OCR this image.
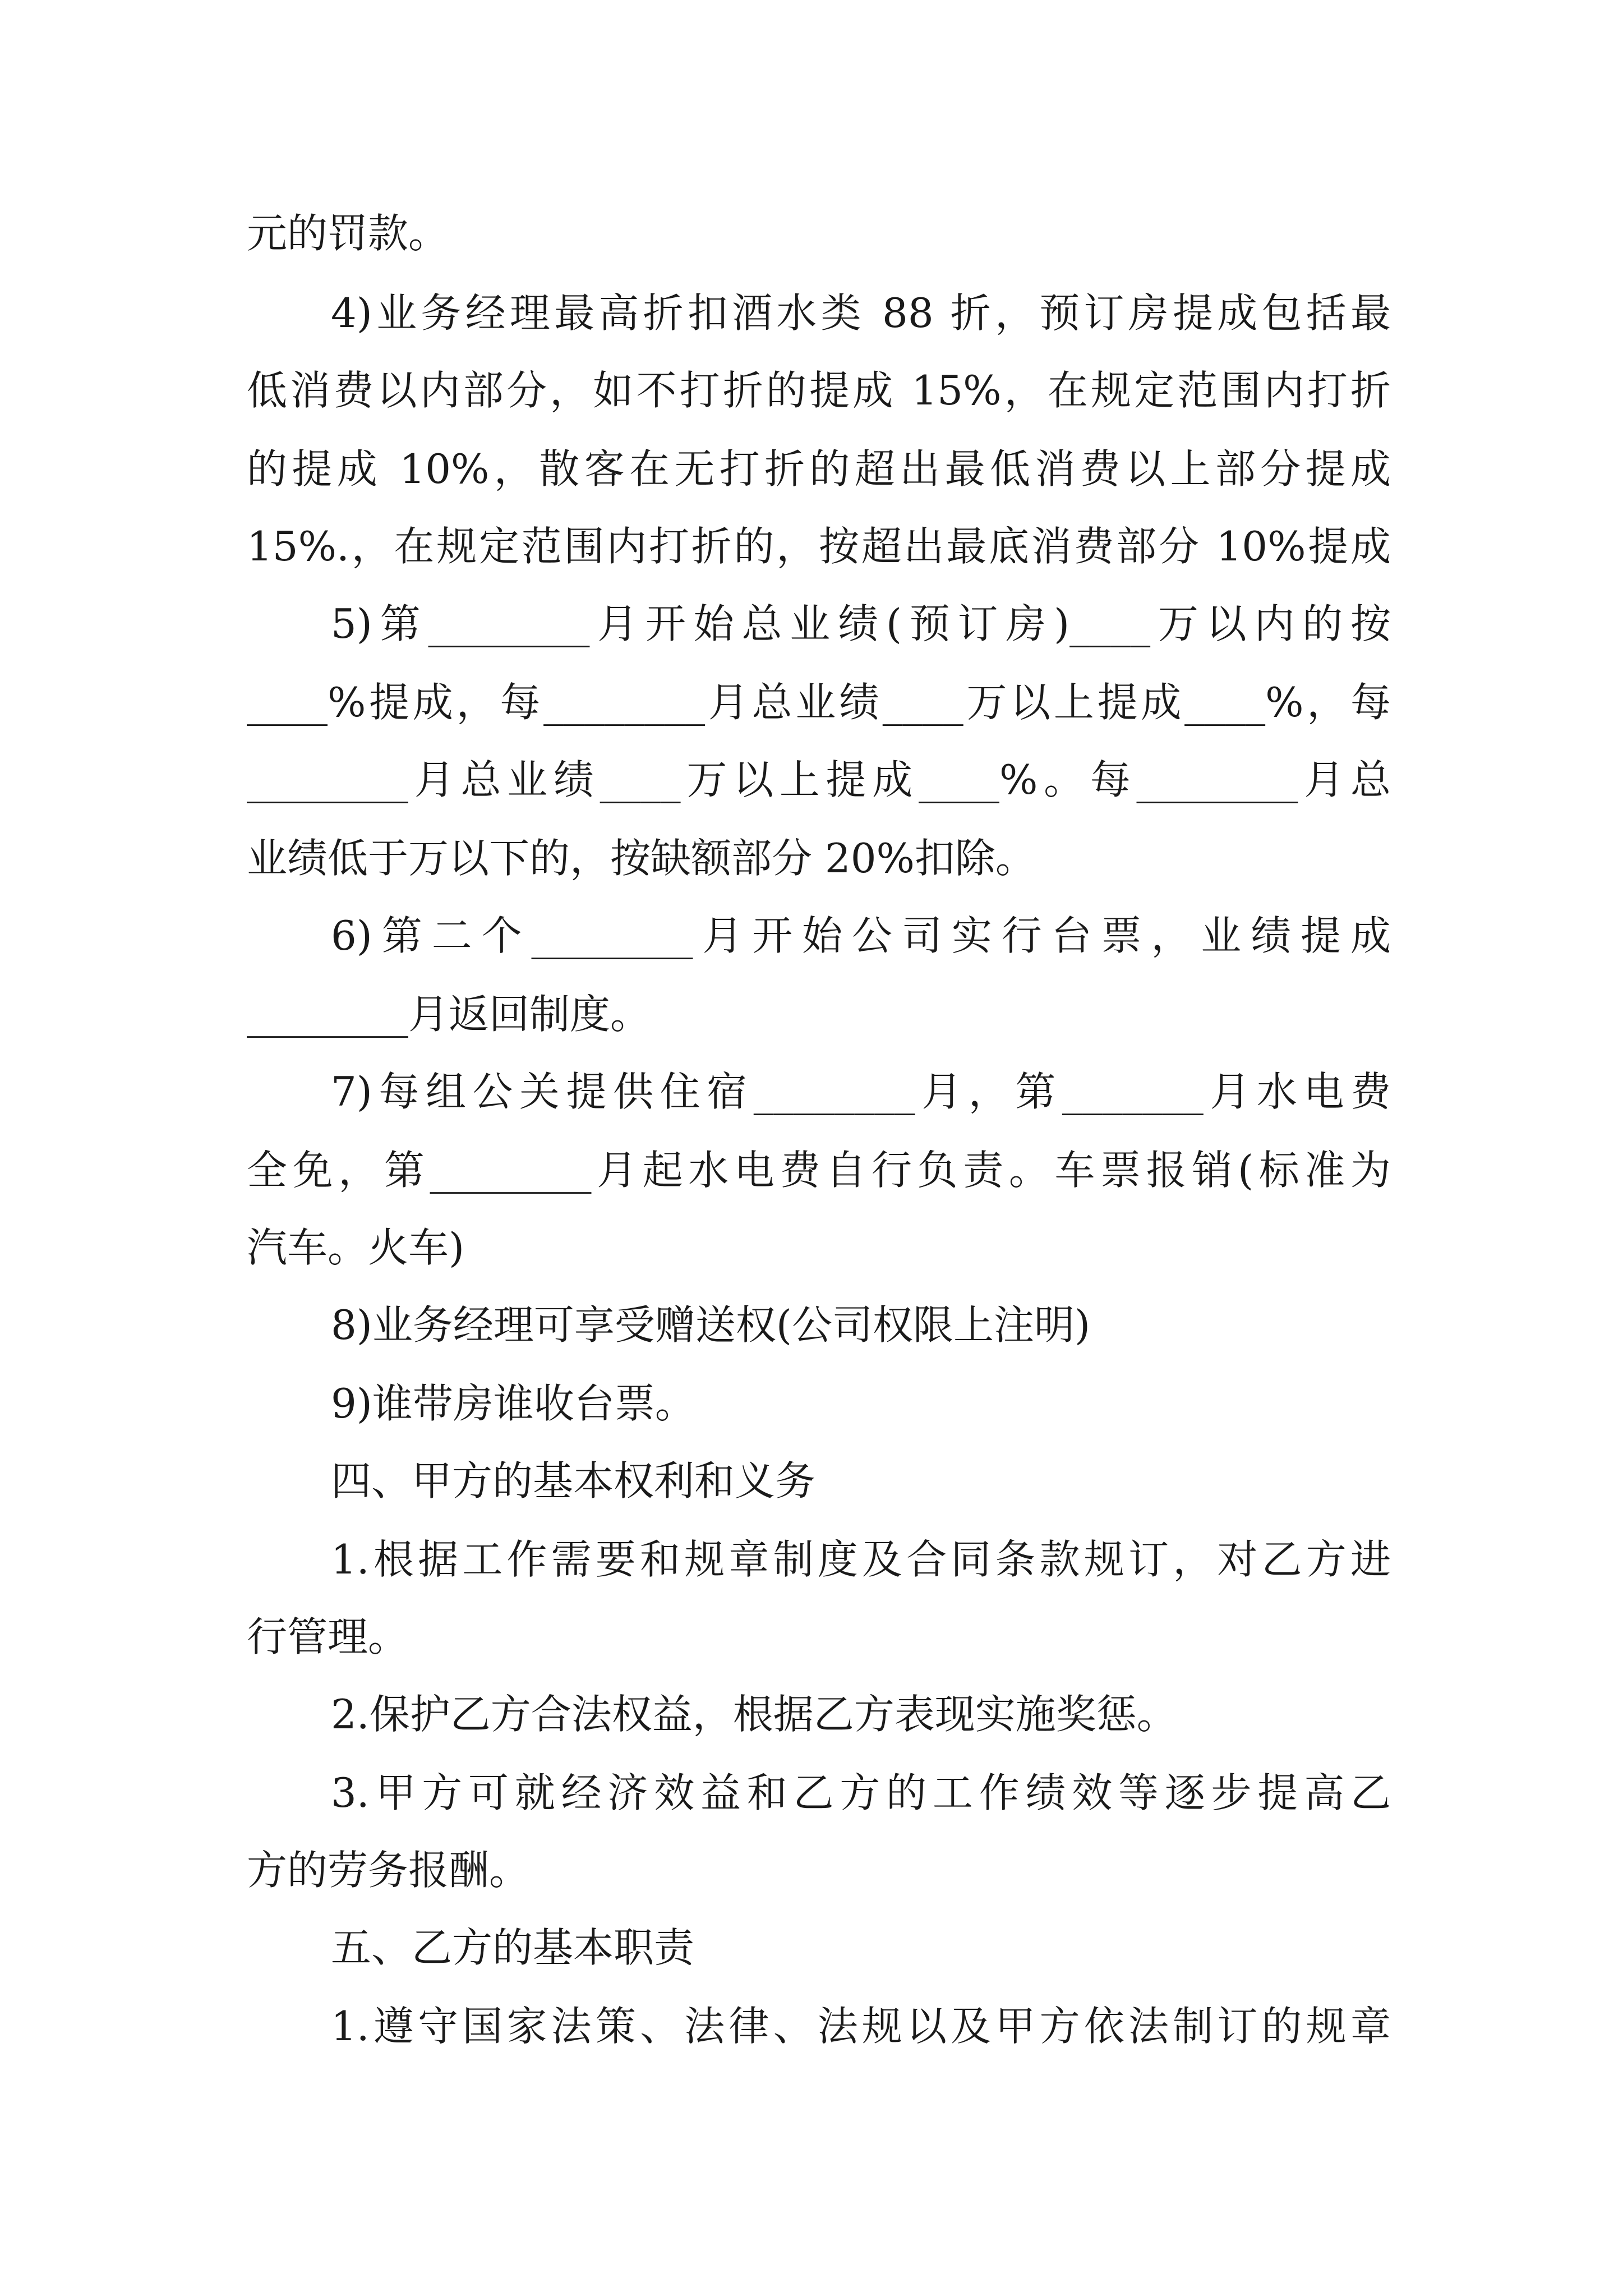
元的罚款。
4)业务经理最高折扣酒水类 88 折，预订房提成包括最
低消费以内部分，如不打折的提成 15%，在规定范围内打折
的提成 10%，散客在无打折的超出最低消费以上部分提成
15%.，在规定范围内打折的，按超出最底消费部分 10%提成
5)第________月开始总业绩(预订房)____万以内的按
____%提成，每________月总业绩____万以上提成____%，每
________月总业绩____万以上提成____%。每________月总
业绩低于万以下的，按缺额部分 20%扣除。
6)第二个________月开始公司实行台票，业绩提成
________月返回制度。
7)每组公关提供住宿________月，第_______月水电费
全免，第________月起水电费自行负责。车票报销(标准为
汽车。火车)
8)业务经理可享受赠送权(公司权限上注明)
9)谁带房谁收台票。
四、甲方的基本权利和义务
1.根据工作需要和规章制度及合同条款规订，对乙方进
行管理。
2.保护乙方合法权益，根据乙方表现实施奖惩。
3.甲方可就经济效益和乙方的工作绩效等逐步提高乙
方的劳务报酬。
五、乙方的基本职责
1.遵守国家法策、法律、法规以及甲方依法制订的规章
